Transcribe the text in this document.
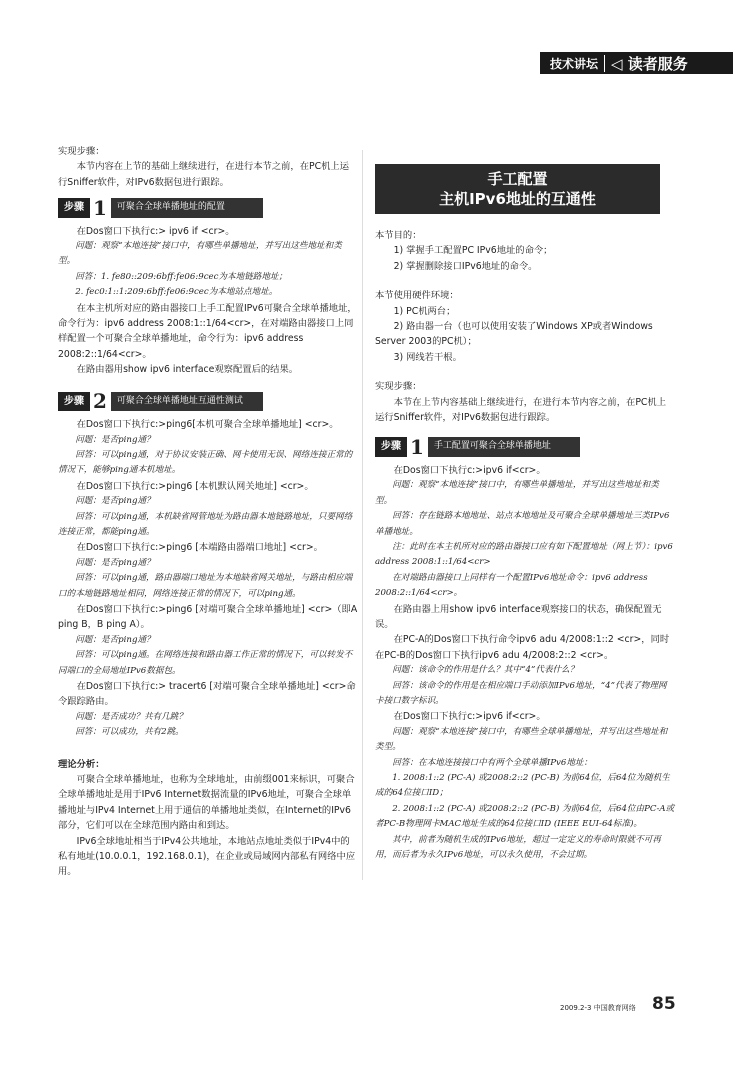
技术讲坛 ◁ 读者服务

实现步骤：

本节内容在上节的基础上继续进行，在进行本节之前，在PC机上运行Sniffer软件，对IPv6数据包进行跟踪。

步骤 1	可聚合全球单播地址的配置

在Dos窗口下执行c:> ipv6 if <cr>。

问题：观察“本地连接”接口中，有哪些单播地址，并写出这些地址和类型。

回答：1. fe80::209:6bff:fe06:9cec为本地链路地址；

2. fec0:1::1:209:6bff:fe06:9cec为本地站点地址。

在本主机所对应的路由器接口上手工配置IPv6可聚合全球单播地址，命令行为：ipv6 address 2008:1::1/64<cr>，在对端路由器接口上同样配置一个可聚合全球单播地址，命令行为：ipv6 address 2008:2::1/64<cr>。

在路由器用show ipv6 interface观察配置后的结果。

步骤 2	可聚合全球单播地址互通性测试

在Dos窗口下执行c:>ping6[本机可聚合全球单播地址] <cr>。

问题：是否ping通？

回答：可以ping通，对于协议安装正确、网卡使用无误、网络连接正常的情况下，能够ping通本机地址。

在Dos窗口下执行c:>ping6 [本机默认网关地址] <cr>。

问题：是否ping通？

回答：可以ping通，本机缺省网管地址为路由器本地链路地址，只要网络连接正常，都能ping通。

在Dos窗口下执行c:>ping6 [本端路由器端口地址] <cr>。

问题：是否ping通？

回答：可以ping通，路由器端口地址为本地缺省网关地址，与路由相应端口的本地链路地址相同，网络连接正常的情况下，可以ping通。

在Dos窗口下执行c:>ping6 [对端可聚合全球单播地址] <cr>（即A ping B，B ping A）。

问题：是否ping通？

回答：可以ping通。在网络连接和路由器工作正常的情况下，可以转发不同端口的全局地址IPv6数据包。

在Dos窗口下执行c:> tracert6 [对端可聚合全球单播地址] <cr>命令跟踪路由。

问题：是否成功？共有几跳？

回答：可以成功，共有2跳。

理论分析：

可聚合全球单播地址，也称为全球地址，由前缀001来标识，可聚合全球单播地址是用于IPv6 Internet数据流量的IPv6地址，可聚合全球单播地址与IPv4 Internet上用于通信的单播地址类似，在Internet的IPv6部分，它们可以在全球范围内路由和到达。

IPv6全球地址相当于IPv4公共地址，本地站点地址类似于IPv4中的私有地址(10.0.0.1，192.168.0.1)，在企业或局域网内部私有网络中应用。

手工配置
主机IPv6地址的互通性

本节目的：

1) 掌握手工配置PC IPv6地址的命令；

2) 掌握删除接口IPv6地址的命令。

本节使用硬件环境：

1) PC机两台；

2) 路由器一台（也可以使用安装了Windows XP或者Windows Server 2003的PC机）；

3) 网线若干根。

实现步骤：

本节在上节内容基础上继续进行，在进行本节内容之前，在PC机上运行Sniffer软件，对IPv6数据包进行跟踪。

步骤 1	手工配置可聚合全球单播地址

在Dos窗口下执行c:>ipv6 if<cr>。

问题：观察“本地连接”接口中，有哪些单播地址，并写出这些地址和类型。

回答：存在链路本地地址、站点本地地址及可聚合全球单播地址三类IPv6单播地址。

注：此时在本主机所对应的路由器接口应有如下配置地址（网上节）：ipv6 address 2008:1::1/64<cr>

在对端路由器接口上同样有一个配置IPv6地址命令：ipv6 address 2008:2::1/64<cr>。

在路由器上用show ipv6 interface观察接口的状态，确保配置无误。

在PC-A的Dos窗口下执行命令ipv6 adu 4/2008:1::2 <cr>，同时在PC-B的Dos窗口下执行ipv6 adu 4/2008:2::2 <cr>。

问题：该命令的作用是什么？其中“4”代表什么？

回答：该命令的作用是在相应端口手动添加IPv6地址，“4”代表了物理网卡接口数字标识。

在Dos窗口下执行c:>ipv6 if<cr>。

问题：观察“本地连接”接口中，有哪些全球单播地址，并写出这些地址和类型。

回答：在本地连接接口中有两个全球单播IPv6地址：

1. 2008:1::2 (PC-A) 或2008:2::2 (PC-B) 为前64位，后64位为随机生成的64位接口ID；

2. 2008:1::2 (PC-A) 或2008:2::2 (PC-B) 为前64位，后64位由PC-A或者PC-B物理网卡MAC地址生成的64位接口ID (IEEE EUI-64标准)。

其中，前者为随机生成的IPv6地址，超过一定定义的寿命时限就不可再用，而后者为永久IPv6地址，可以永久使用，不会过期。

2009.2-3 中国教育网络 85
